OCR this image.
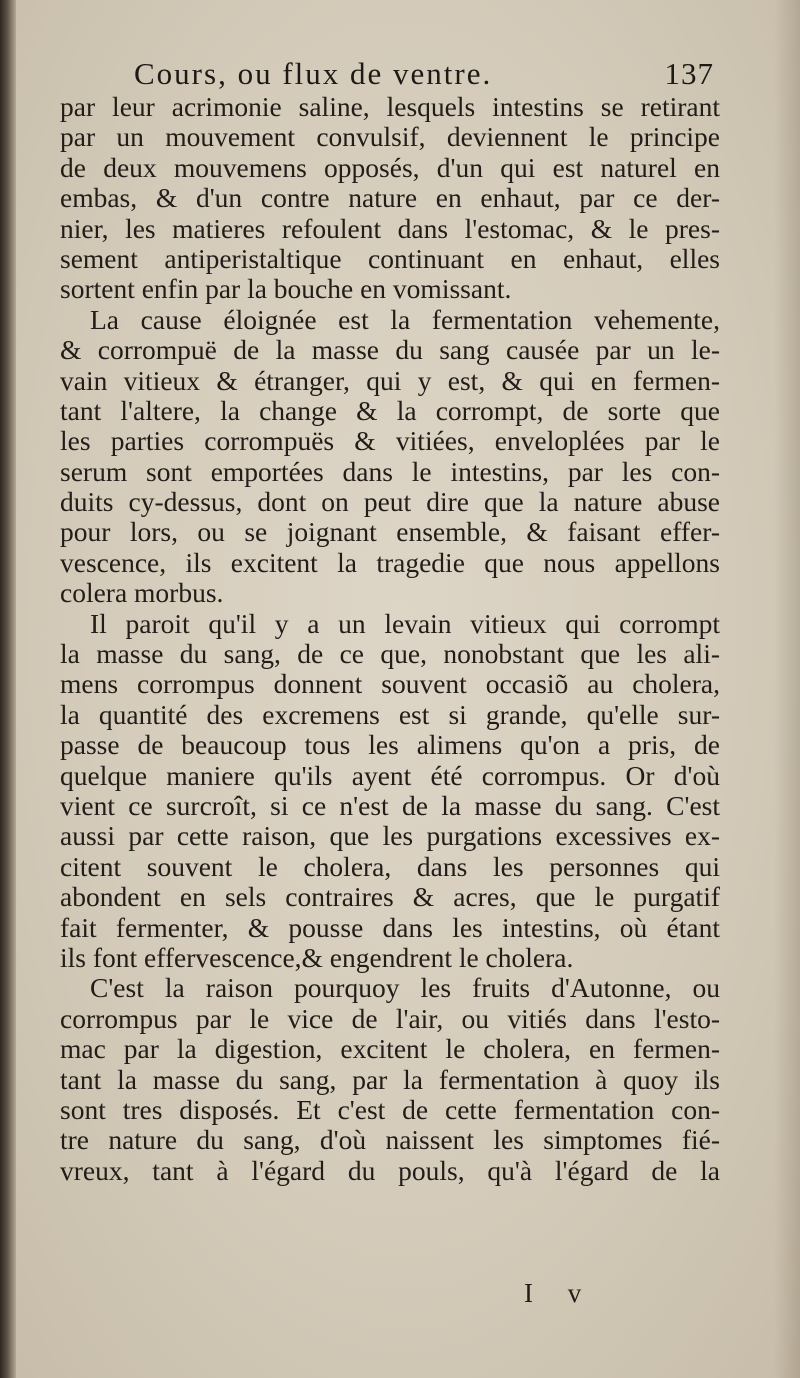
Cours, ou flux de ventre.	137
par leur acrimonie saline, lesquels intestins se retirant
par un mouvement convulsif, deviennent le principe
de deux mouvemens opposés, d'un qui est naturel en
embas, & d'un contre nature en enhaut, par ce der-
nier, les matieres refoulent dans l'estomac, & le pres-
sement antiperistaltique continuant en enhaut, elles
sortent enfin par la bouche en vomissant.
La cause éloignée est la fermentation vehemente,
& corrompuë de la masse du sang causée par un le-
vain vitieux & étranger, qui y est, & qui en fermen-
tant l'altere, la change & la corrompt, de sorte que
les parties corrompuës & vitiées, enveloplées par le
serum sont emportées dans le intestins, par les con-
duits cy-dessus, dont on peut dire que la nature abuse
pour lors, ou se joignant ensemble, & faisant effer-
vescence, ils excitent la tragedie que nous appellons
colera morbus.
Il paroit qu'il y a un levain vitieux qui corrompt
la masse du sang, de ce que, nonobstant que les ali-
mens corrompus donnent souvent occasiõ au cholera,
la quantité des excremens est si grande, qu'elle sur-
passe de beaucoup tous les alimens qu'on a pris, de
quelque maniere qu'ils ayent été corrompus. Or d'où
vient ce surcroît, si ce n'est de la masse du sang. C'est
aussi par cette raison, que les purgations excessives ex-
citent souvent le cholera, dans les personnes qui
abondent en sels contraires & acres, que le purgatif
fait fermenter, & pousse dans les intestins, où étant
ils font effervescence,& engendrent le cholera.
C'est la raison pourquoy les fruits d'Autonne, ou
corrompus par le vice de l'air, ou vitiés dans l'esto-
mac par la digestion, excitent le cholera, en fermen-
tant la masse du sang, par la fermentation à quoy ils
sont tres disposés. Et c'est de cette fermentation con-
tre nature du sang, d'où naissent les simptomes fié-
vreux, tant à l'égard du pouls, qu'à l'égard de la
I v
